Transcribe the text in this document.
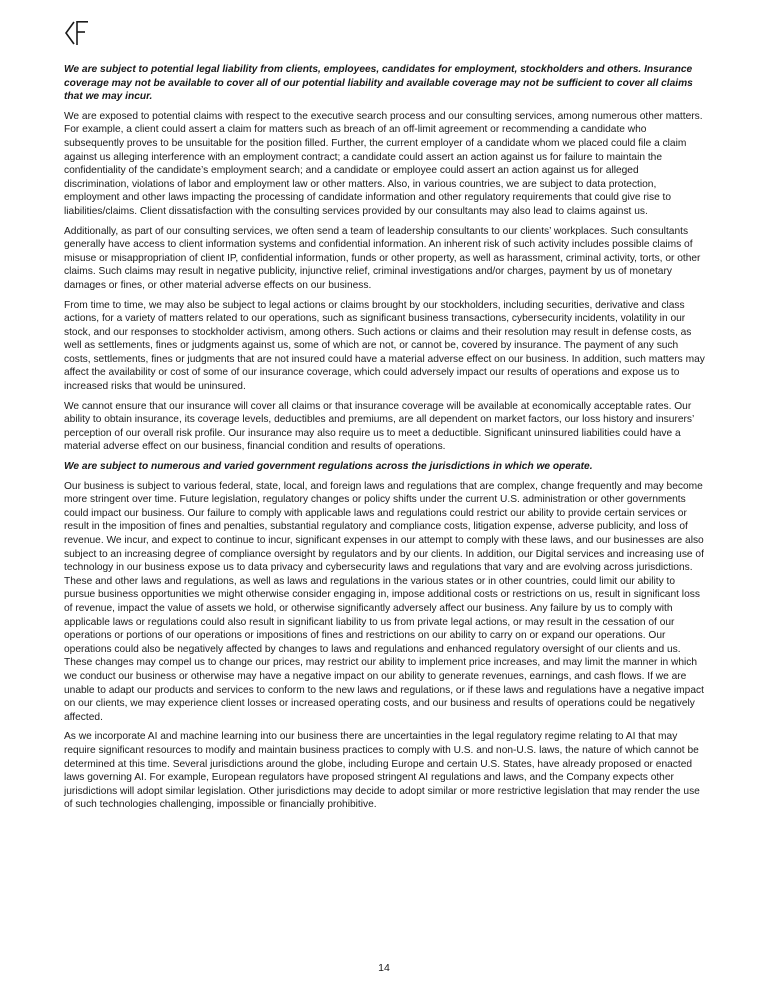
We are subject to potential legal liability from clients, employees, candidates for employment, stockholders and others. Insurance coverage may not be available to cover all of our potential liability and available coverage may not be sufficient to cover all claims that we may incur.

We are exposed to potential claims with respect to the executive search process and our consulting services, among numerous other matters. For example, a client could assert a claim for matters such as breach of an off-limit agreement or recommending a candidate who subsequently proves to be unsuitable for the position filled. Further, the current employer of a candidate whom we placed could file a claim against us alleging interference with an employment contract; a candidate could assert an action against us for failure to maintain the confidentiality of the candidate’s employment search; and a candidate or employee could assert an action against us for alleged discrimination, violations of labor and employment law or other matters. Also, in various countries, we are subject to data protection, employment and other laws impacting the processing of candidate information and other regulatory requirements that could give rise to liabilities/claims. Client dissatisfaction with the consulting services provided by our consultants may also lead to claims against us.

Additionally, as part of our consulting services, we often send a team of leadership consultants to our clients’ workplaces. Such consultants generally have access to client information systems and confidential information. An inherent risk of such activity includes possible claims of misuse or misappropriation of client IP, confidential information, funds or other property, as well as harassment, criminal activity, torts, or other claims. Such claims may result in negative publicity, injunctive relief, criminal investigations and/or charges, payment by us of monetary damages or fines, or other material adverse effects on our business.

From time to time, we may also be subject to legal actions or claims brought by our stockholders, including securities, derivative and class actions, for a variety of matters related to our operations, such as significant business transactions, cybersecurity incidents, volatility in our stock, and our responses to stockholder activism, among others. Such actions or claims and their resolution may result in defense costs, as well as settlements, fines or judgments against us, some of which are not, or cannot be, covered by insurance. The payment of any such costs, settlements, fines or judgments that are not insured could have a material adverse effect on our business. In addition, such matters may affect the availability or cost of some of our insurance coverage, which could adversely impact our results of operations and expose us to increased risks that would be uninsured.

We cannot ensure that our insurance will cover all claims or that insurance coverage will be available at economically acceptable rates. Our ability to obtain insurance, its coverage levels, deductibles and premiums, are all dependent on market factors, our loss history and insurers’ perception of our overall risk profile. Our insurance may also require us to meet a deductible. Significant uninsured liabilities could have a material adverse effect on our business, financial condition and results of operations.

We are subject to numerous and varied government regulations across the jurisdictions in which we operate.

Our business is subject to various federal, state, local, and foreign laws and regulations that are complex, change frequently and may become more stringent over time. Future legislation, regulatory changes or policy shifts under the current U.S. administration or other governments could impact our business. Our failure to comply with applicable laws and regulations could restrict our ability to provide certain services or result in the imposition of fines and penalties, substantial regulatory and compliance costs, litigation expense, adverse publicity, and loss of revenue. We incur, and expect to continue to incur, significant expenses in our attempt to comply with these laws, and our businesses are also subject to an increasing degree of compliance oversight by regulators and by our clients. In addition, our Digital services and increasing use of technology in our business expose us to data privacy and cybersecurity laws and regulations that vary and are evolving across jurisdictions. These and other laws and regulations, as well as laws and regulations in the various states or in other countries, could limit our ability to pursue business opportunities we might otherwise consider engaging in, impose additional costs or restrictions on us, result in significant loss of revenue, impact the value of assets we hold, or otherwise significantly adversely affect our business. Any failure by us to comply with applicable laws or regulations could also result in significant liability to us from private legal actions, or may result in the cessation of our operations or portions of our operations or impositions of fines and restrictions on our ability to carry on or expand our operations. Our operations could also be negatively affected by changes to laws and regulations and enhanced regulatory oversight of our clients and us. These changes may compel us to change our prices, may restrict our ability to implement price increases, and may limit the manner in which we conduct our business or otherwise may have a negative impact on our ability to generate revenues, earnings, and cash flows. If we are unable to adapt our products and services to conform to the new laws and regulations, or if these laws and regulations have a negative impact on our clients, we may experience client losses or increased operating costs, and our business and results of operations could be negatively affected.

As we incorporate AI and machine learning into our business there are uncertainties in the legal regulatory regime relating to AI that may require significant resources to modify and maintain business practices to comply with U.S. and non-U.S. laws, the nature of which cannot be determined at this time. Several jurisdictions around the globe, including Europe and certain U.S. States, have already proposed or enacted laws governing AI. For example, European regulators have proposed stringent AI regulations and laws, and the Company expects other jurisdictions will adopt similar legislation. Other jurisdictions may decide to adopt similar or more restrictive legislation that may render the use of such technologies challenging, impossible or financially prohibitive.

14
